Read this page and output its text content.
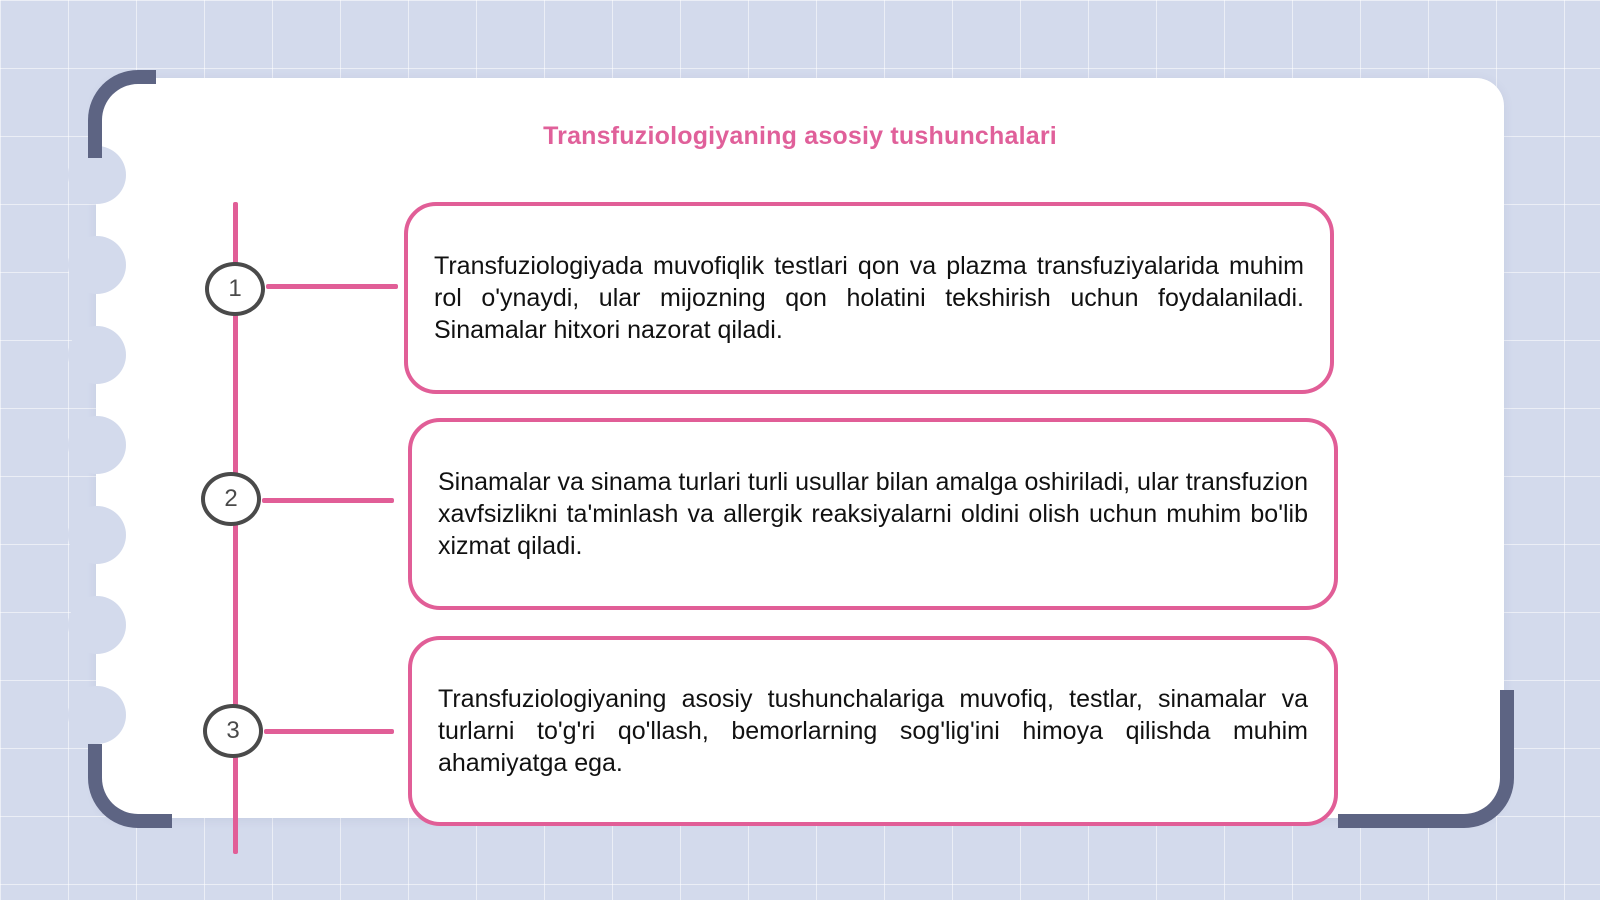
Transfuziologiyaning asosiy tushunchalari
1

Transfuziologiyada muvofiqlik testlari qon va plazma transfuziyalarida muhim rol o'ynaydi, ular mijozning qon holatini tekshirish uchun foydalaniladi. Sinamalar hitxori nazorat qiladi.

2

Sinamalar va sinama turlari turli usullar bilan amalga oshiriladi, ular transfuzion xavfsizlikni ta'minlash va allergik reaksiyalarni oldini olish uchun muhim bo'lib xizmat qiladi.

3

Transfuziologiyaning asosiy tushunchalariga muvofiq, testlar, sinamalar va turlarni to'g'ri qo'llash, bemorlarning sog'lig'ini himoya qilishda muhim ahamiyatga ega.
